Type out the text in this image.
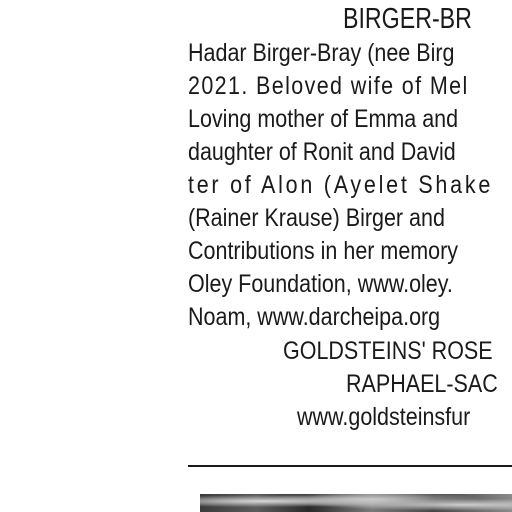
BIRGER-BR
Hadar Birger-Bray (nee Birg
2021. Beloved wife of Mel
Loving mother of Emma and
daughter of Ronit and David
ter of Alon (Ayelet Shake
(Rainer Krause) Birger and
Contributions in her memory
Oley Foundation, www.oley.
Noam, www.darcheipa.org
GOLDSTEINS' ROSE
RAPHAEL-SAC
www.goldsteinsfur
